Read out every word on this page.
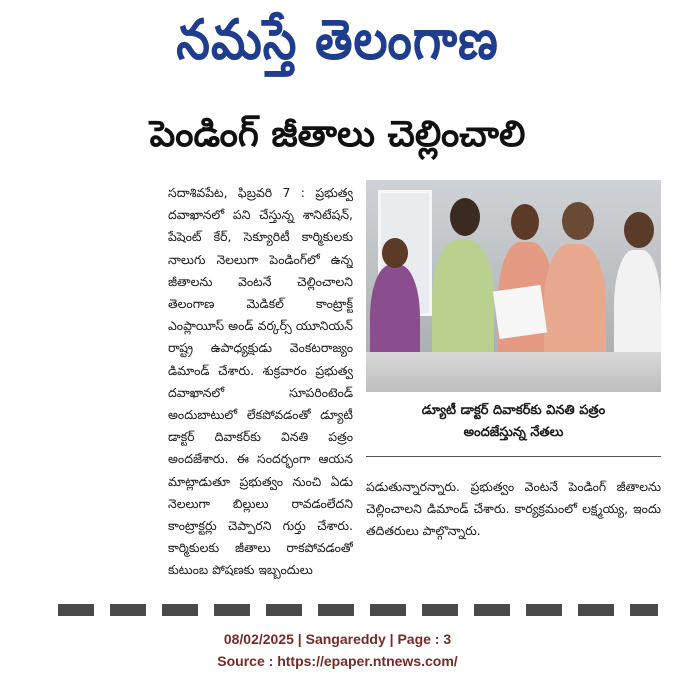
నమస్తే తెలంగాణ
పెండింగ్ జీతాలు చెల్లించాలి

సదాశివపేట, ఫిబ్రవరి 7 : ప్రభుత్వ దవాఖానలో పని చేస్తున్న శానిటేషన్, పేషెంట్ కేర్, సెక్యూరిటీ కార్మికులకు నాలుగు నెలలుగా పెండింగ్‌లో ఉన్న జీతాలను వెంటనే చెల్లించాలని తెలంగాణ మెడికల్ కాంట్రాక్ట్ ఎంప్లాయీస్ అండ్ వర్కర్స్ యూనియన్ రాష్ట్ర ఉపాధ్యక్షుడు వెంకటరాజ్యం డిమాండ్ చేశారు. శుక్రవారం ప్రభుత్వ దవాఖానలో సూపరింటెండ్ అందుబాటులో లేకపోవడంతో డ్యూటీ డాక్టర్ దివాకర్‌కు వినతి పత్రం అందజేశారు. ఈ సందర్భంగా ఆయన మాట్లాడుతూ ప్రభుత్వం నుంచి ఏడు నెలలుగా బిల్లులు రావడంలేదని కాంట్రాక్టర్లు చెప్పారని గుర్తు చేశారు. కార్మికులకు జీతాలు రాకపోవడంతో కుటుంబ పోషణకు ఇబ్బందులు

డ్యూటీ డాక్టర్ దివాకర్‌కు వినతి పత్రం
అందజేస్తున్న నేతలు

పడుతున్నారన్నారు. ప్రభుత్వం వెంటనే పెండింగ్ జీతాలను చెల్లించాలని డిమాండ్ చేశారు. కార్యక్రమంలో లక్ష్మయ్య, ఇందు తదితరులు పాల్గొన్నారు.

08/02/2025 | Sangareddy | Page : 3
Source : https://epaper.ntnews.com/
